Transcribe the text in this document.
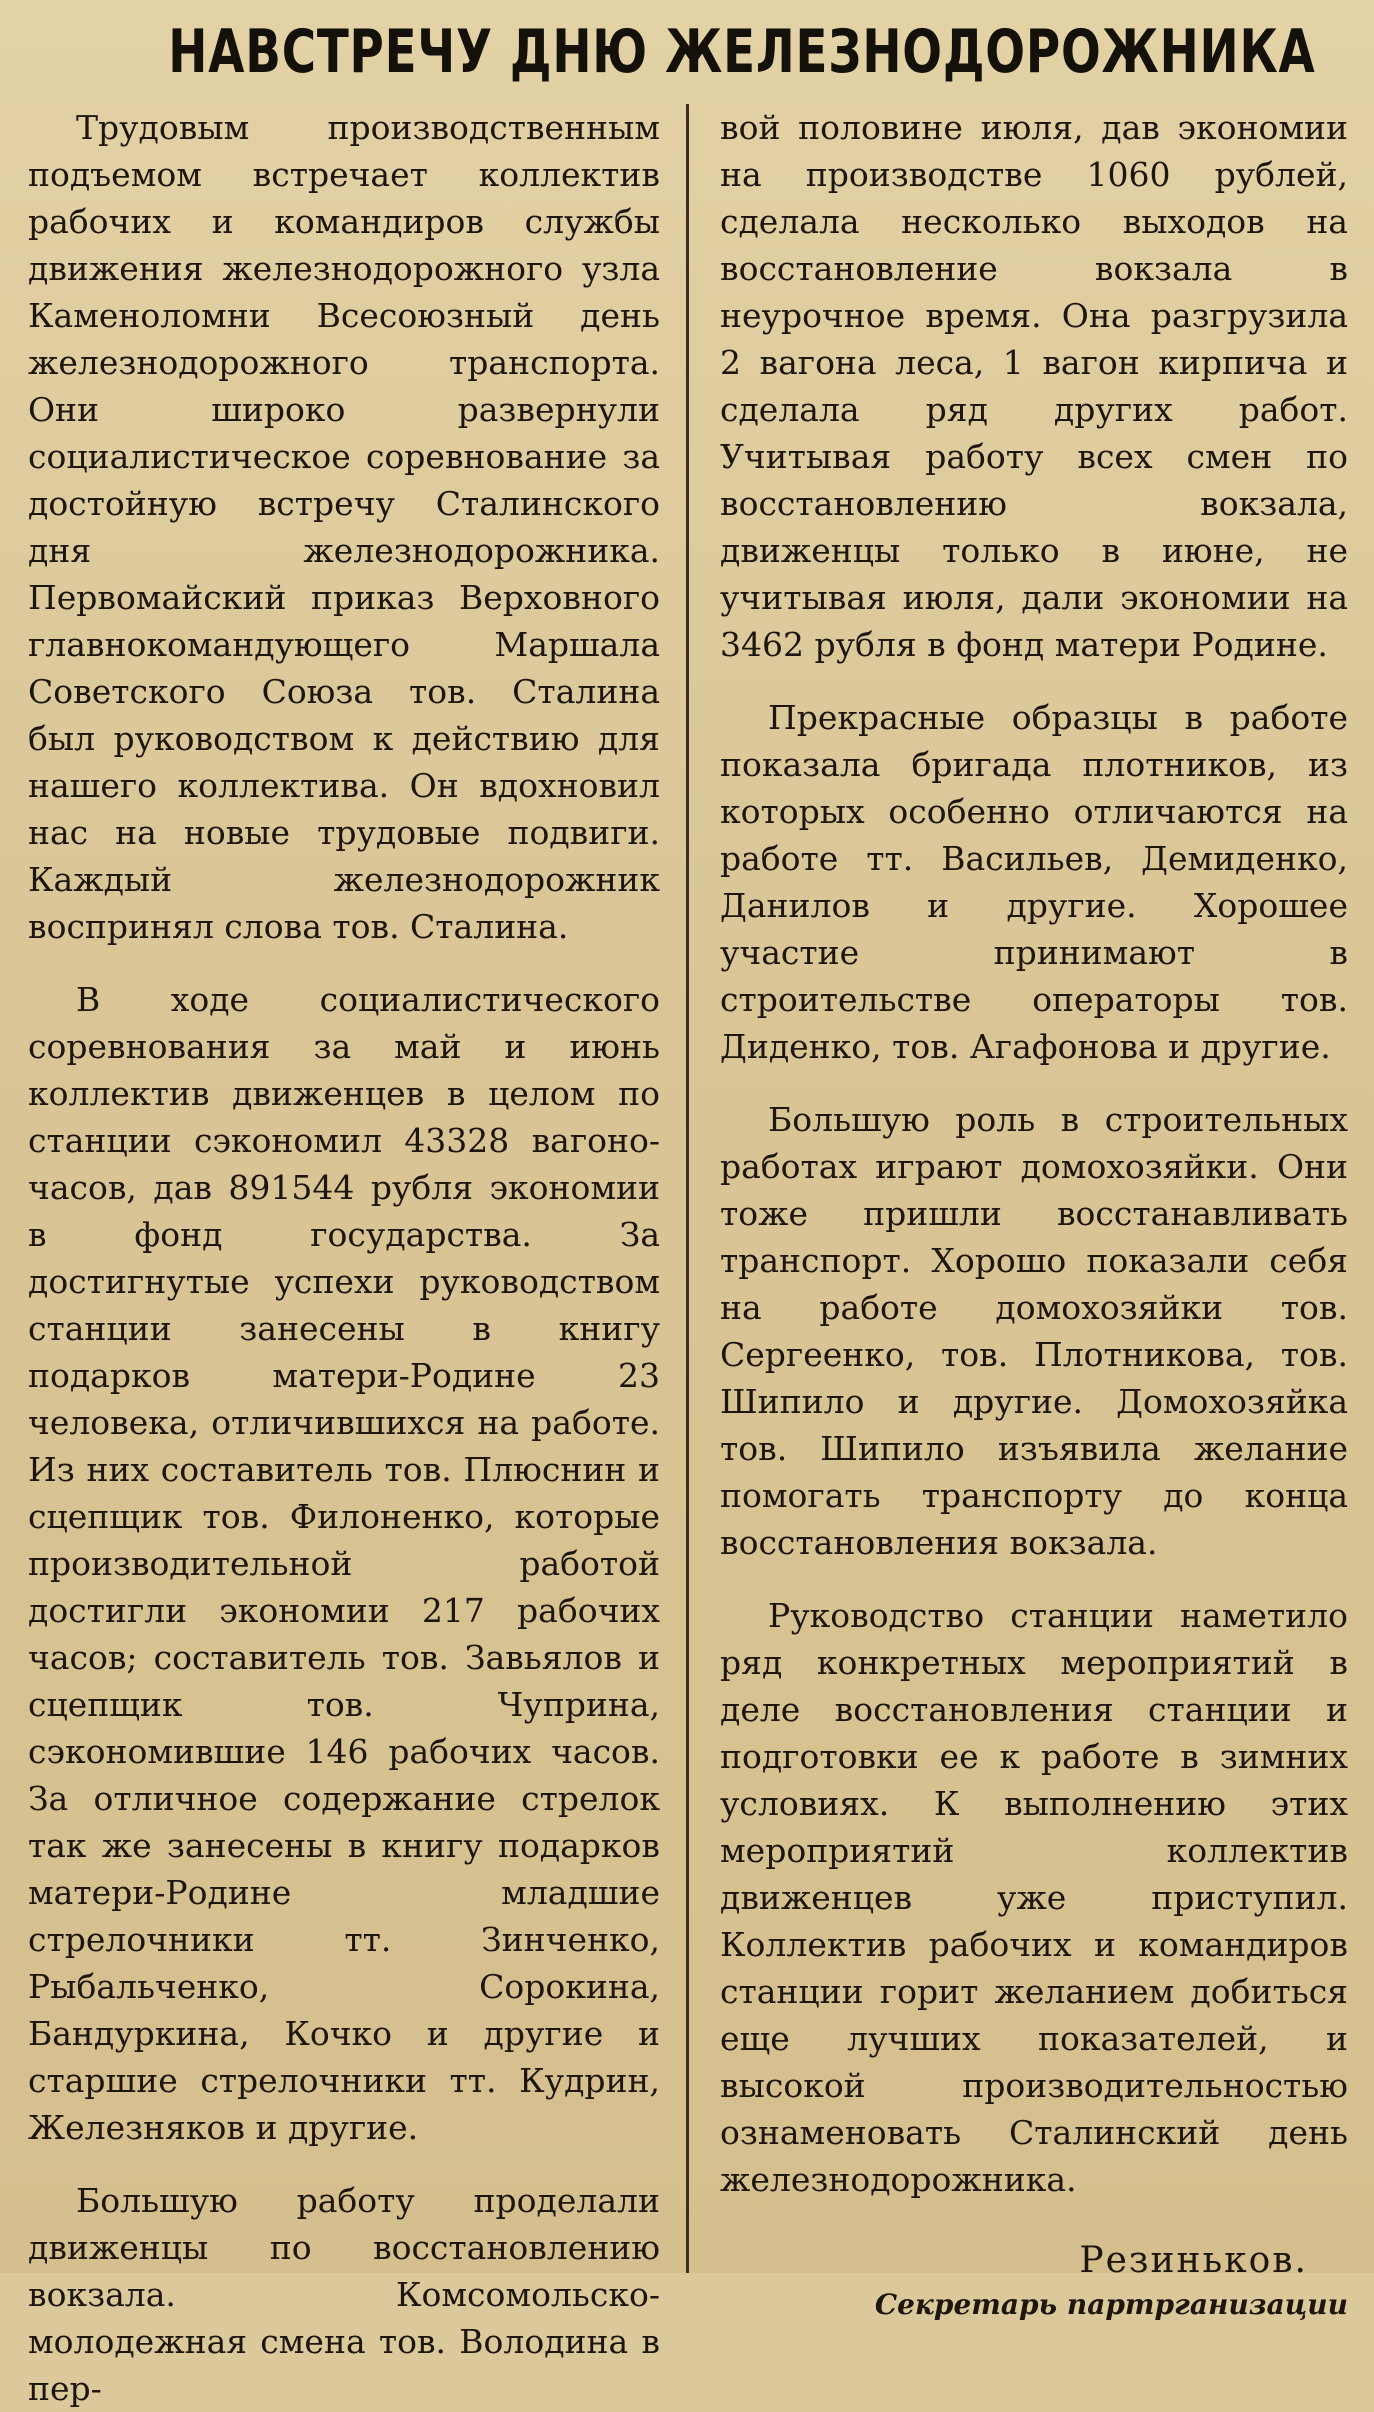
НАВСТРЕЧУ ДНЮ ЖЕЛЕЗНОДОРОЖНИКА

Трудовым производственным подъемом встречает коллектив рабочих и командиров службы движения железнодорожного узла Каменоломни Всесоюзный день железнодорожного транспорта. Они широко развернули социалистическое соревнование за достойную встречу Сталинского дня железнодорожника. Первомайский приказ Верховного главнокомандующего Маршала Советского Союза тов. Сталина был руководством к действию для нашего коллектива. Он вдохновил нас на новые трудовые подвиги. Каждый железнодорожник воспринял слова тов. Сталина.

В ходе социалистического соревнования за май и июнь коллектив движенцев в целом по станции сэкономил 43328 вагоно-часов, дав 891544 рубля экономии в фонд государства. За достигнутые успехи руководством станции занесены в книгу подарков матери-Родине 23 человека, отличившихся на работе. Из них составитель тов. Плюснин и сцепщик тов. Филоненко, которые производительной работой достигли экономии 217 рабочих часов; составитель тов. Завьялов и сцепщик тов. Чуприна, сэкономившие 146 рабочих часов. За отличное содержание стрелок так же занесены в книгу подарков матери-Родине младшие стрелочники тт. Зинченко, Рыбальченко, Сорокина, Бандуркина, Кочко и другие и старшие стрелочники тт. Кудрин, Железняков и другие.

Большую работу проделали движенцы по восстановлению вокзала. Комсомольско-молодежная смена тов. Володина в пер-

вой половине июля, дав экономии на производстве 1060 рублей, сделала несколько выходов на восстановление вокзала в неурочное время. Она разгрузила 2 вагона леса, 1 вагон кирпича и сделала ряд других работ. Учитывая работу всех смен по восстановлению вокзала, движенцы только в июне, не учитывая июля, дали экономии на 3462 рубля в фонд матери Родине.

Прекрасные образцы в работе показала бригада плотников, из которых особенно отличаются на работе тт. Васильев, Демиденко, Данилов и другие. Хорошее участие принимают в строительстве операторы тов. Диденко, тов. Агафонова и другие.

Большую роль в строительных работах играют домохозяйки. Они тоже пришли восстанавливать транспорт. Хорошо показали себя на работе домохозяйки тов. Сергеенко, тов. Плотникова, тов. Шипило и другие. Домохозяйка тов. Шипило изъявила желание помогать транспорту до конца восстановления вокзала.

Руководство станции наметило ряд конкретных мероприятий в деле восстановления станции и подготовки ее к работе в зимних условиях. К выполнению этих мероприятий коллектив движенцев уже приступил. Коллектив рабочих и командиров станции горит желанием добиться еще лучших показателей, и высокой производительностью ознаменовать Сталинский день железнодорожника.

Резиньков.
Секретарь партрганизации
